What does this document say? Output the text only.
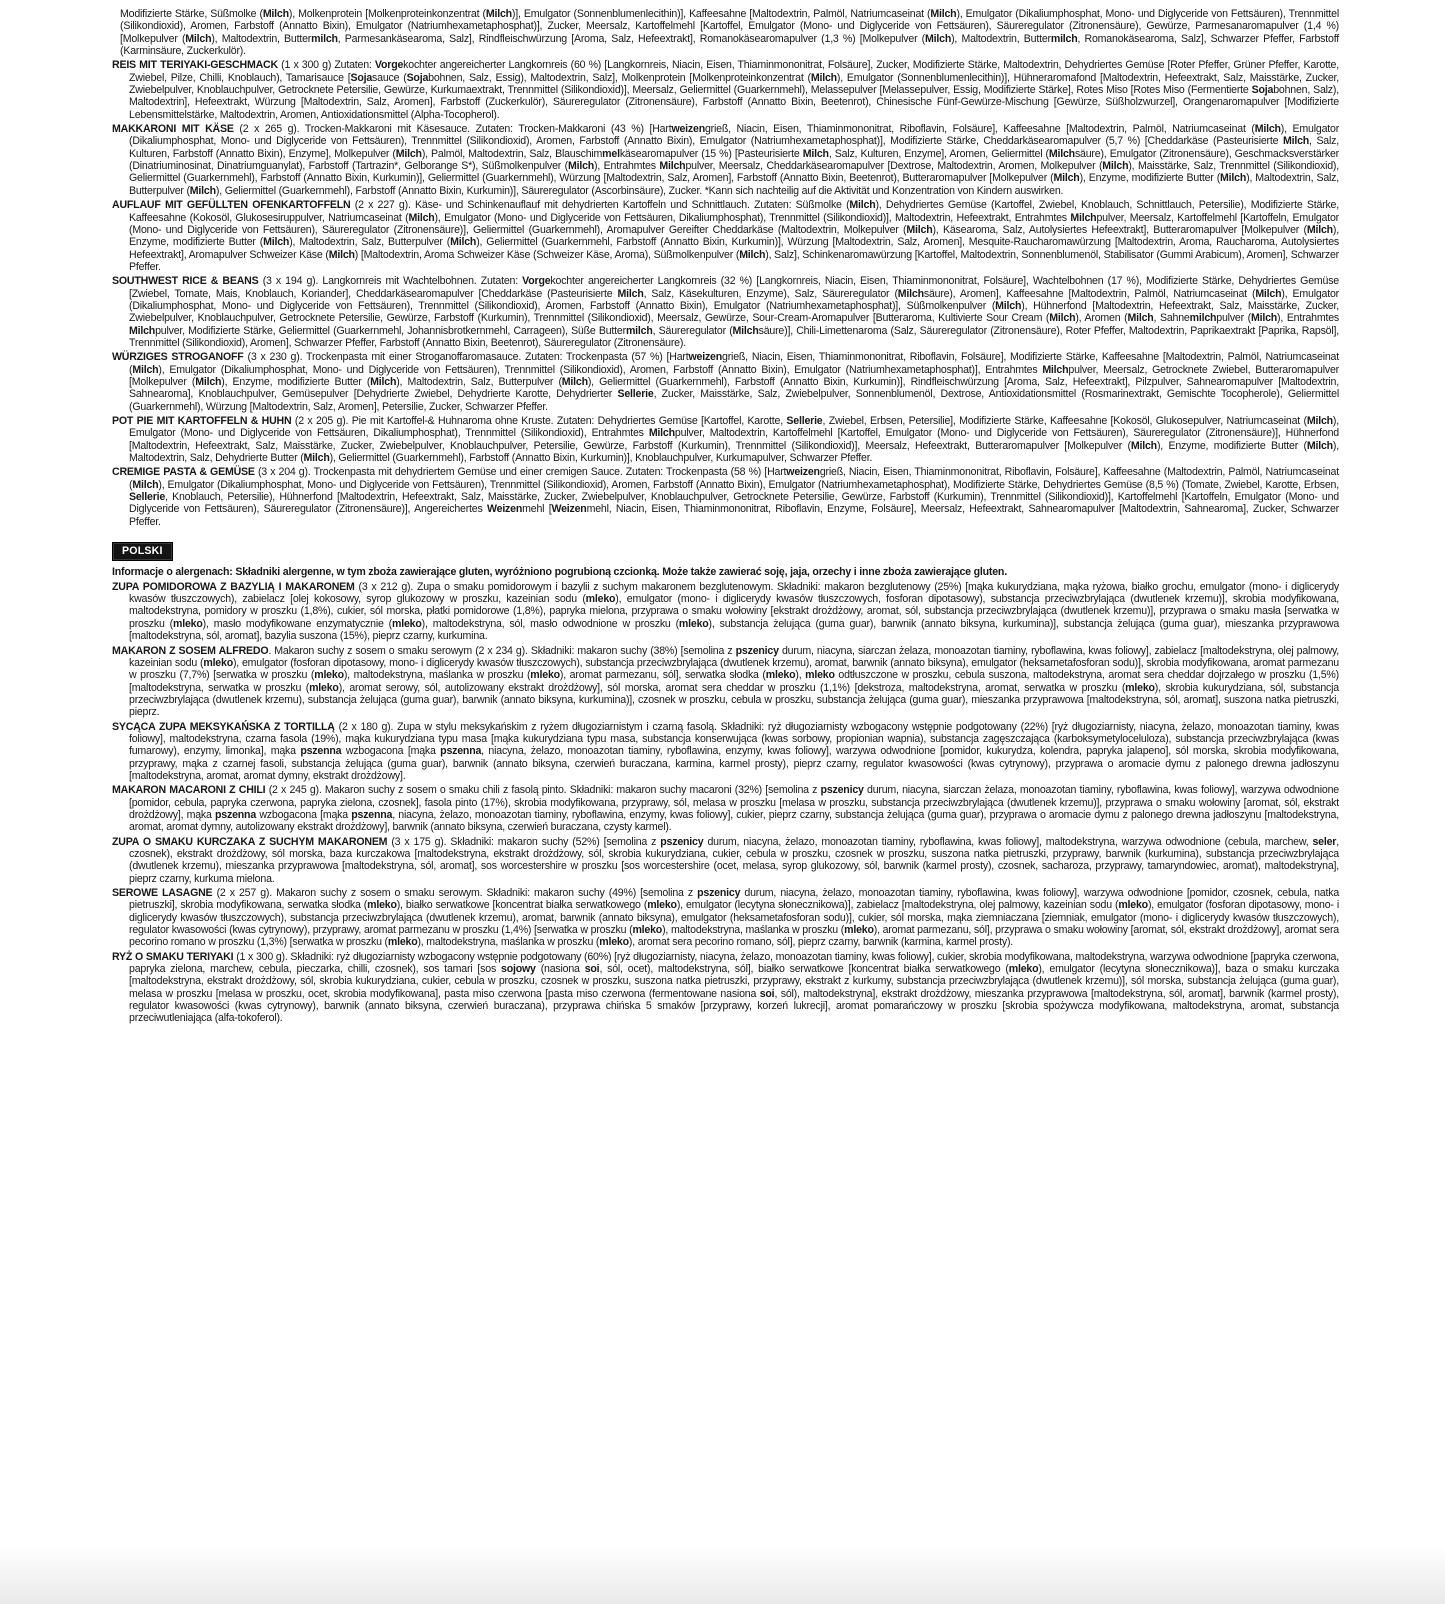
Modifizierte Stärke, Süßmolke (Milch), Molkenprotein [Molkenproteinkonzentrat (Milch)], Emulgator (Sonnenblumenlecithin)], Kaffeesahne [Maltodextrin, Palmöl, Natriumcaseinat (Milch), Emulgator (Dikaliumphosphat, Mono- und Diglyceride von Fettsäuren), Trennmittel (Silikondioxid), Aromen, Farbstoff (Annatto Bixin), Emulgator (Natriumhexametaphosphat)], Zucker, Meersalz, Kartoffelmehl [Kartoffel, Emulgator (Mono- und Diglyceride von Fettsäuren), Säureregulator (Zitronensäure), Gewürze, Parmesanaromapulver (1,4 %) [Molkepulver (Milch), Maltodextrin, Buttermilch, Parmesankäsearoma, Salz], Rindfleischwürzung [Aroma, Salz, Hefeextrakt], Romanokäsearomapulver (1,3 %) [Molkepulver (Milch), Maltodextrin, Buttermilch, Romanokäsearoma, Salz], Schwarzer Pfeffer, Farbstoff (Karminsäure, Zuckerkulör).

REIS MIT TERIYAKI-GESCHMACK (1 x 300 g) Zutaten: Vorgekochter angereicherter Langkornreis (60 %) [Langkornreis, Niacin, Eisen, Thiaminmononitrat, Folsäure], Zucker, Modifizierte Stärke, Maltodextrin, Dehydriertes Gemüse [Roter Pfeffer, Grüner Pfeffer, Karotte, Zwiebel, Pilze, Chilli, Knoblauch), Tamarisauce [Sojasauce (Sojabohnen, Salz, Essig), Maltodextrin, Salz], Molkenprotein [Molkenproteinkonzentrat (Milch), Emulgator (Sonnenblumenlecithin)], Hühneraromafond [Maltodextrin, Hefeextrakt, Salz, Maisstärke, Zucker, Zwiebelpulver, Knoblauchpulver, Getrocknete Petersilie, Gewürze, Kurkumaextrakt, Trennmittel (Silikondioxid)], Meersalz, Geliermittel (Guarkernmehl), Melassepulver [Melassepulver, Essig, Modifizierte Stärke], Rotes Miso [Rotes Miso (Fermentierte Sojabohnen, Salz), Maltodextrin], Hefeextrakt, Würzung [Maltodextrin, Salz, Aromen], Farbstoff (Zuckerkulör), Säureregulator (Zitronensäure), Farbstoff (Annatto Bixin, Beetenrot), Chinesische Fünf-Gewürze-Mischung [Gewürze, Süßholzwurzel], Orangenaromapulver [Modifizierte Lebensmittelstärke, Maltodextrin, Aromen, Antioxidationsmittel (Alpha-Tocopherol).

MAKKARONI MIT KÄSE (2 x 265 g). Trocken-Makkaroni mit Käsesauce. Zutaten: Trocken-Makkaroni (43 %) [Hartweizengrieß, Niacin, Eisen, Thiaminmononitrat, Riboflavin, Folsäure], Kaffeesahne [Maltodextrin, Palmöl, Natriumcaseinat (Milch), Emulgator (Dikaliumphosphat, Mono- und Diglyceride von Fettsäuren), Trennmittel (Silikondioxid), Aromen, Farbstoff (Annatto Bixin), Emulgator (Natriumhexametaphosphat)], Modifizierte Stärke, Cheddarkäsearomapulver (5,7 %) [Cheddarkäse (Pasteurisierte Milch, Salz, Kulturen, Farbstoff (Annatto Bixin), Enzyme], Molkepulver (Milch), Palmöl, Maltodextrin, Salz, Blauschimmelkäsearomapulver (15 %) [Pasteurisierte Milch, Salz, Kulturen, Enzyme], Aromen, Geliermittel (Milchsäure), Emulgator (Zitronensäure), Geschmacksverstärker (Dinatriuminosinat, Dinatriumguanylat), Farbstoff (Tartrazin*, Gelborange S*), Süßmolkenpulver (Milch), Entrahmtes Milchpulver, Meersalz, Cheddarkäsearomapulver [Dextrose, Maltodextrin, Aromen, Molkepulver (Milch), Maisstärke, Salz, Trennmittel (Silikondioxid), Geliermittel (Guarkernmehl), Farbstoff (Annatto Bixin, Kurkumin)], Geliermittel (Guarkernmehl), Würzung [Maltodextrin, Salz, Aromen], Farbstoff (Annatto Bixin, Beetenrot), Butteraromapulver [Molkepulver (Milch), Enzyme, modifizierte Butter (Milch), Maltodextrin, Salz, Butterpulver (Milch), Geliermittel (Guarkernmehl), Farbstoff (Annatto Bixin, Kurkumin)], Säureregulator (Ascorbinsäure), Zucker. *Kann sich nachteilig auf die Aktivität und Konzentration von Kindern auswirken.

AUFLAUF MIT GEFÜLLTEN OFENKARTOFFELN (2 x 227 g). Käse- und Schinkenauflauf mit dehydrierten Kartoffeln und Schnittlauch. Zutaten: Süßmolke (Milch), Dehydriertes Gemüse (Kartoffel, Zwiebel, Knoblauch, Schnittlauch, Petersilie), Modifizierte Stärke, Kaffeesahne (Kokosöl, Glukosesiruppulver, Natriumcaseinat (Milch), Emulgator (Mono- und Diglyceride von Fettsäuren, Dikaliumphosphat), Trennmittel (Silikondioxid)], Maltodextrin, Hefeextrakt, Entrahmtes Milchpulver, Meersalz, Kartoffelmehl [Kartoffeln, Emulgator (Mono- und Diglyceride von Fettsäuren), Säureregulator (Zitronensäure)], Geliermittel (Guarkernmehl), Aromapulver Gereifter Cheddarkäse (Maltodextrin, Molkepulver (Milch), Käsearoma, Salz, Autolysiertes Hefeextrakt], Butteraromapulver [Molkepulver (Milch), Enzyme, modifizierte Butter (Milch), Maltodextrin, Salz, Butterpulver (Milch), Geliermittel (Guarkernmehl, Farbstoff (Annatto Bixin, Kurkumin)], Würzung [Maltodextrin, Salz, Aromen], Mesquite-Raucharomawürzung [Maltodextrin, Aroma, Raucharoma, Autolysiertes Hefeextrakt], Aromapulver Schweizer Käse (Milch) [Maltodextrin, Aroma Schweizer Käse (Schweizer Käse, Aroma), Süßmolkenpulver (Milch), Salz], Schinkenaromawürzung [Kartoffel, Maltodextrin, Sonnenblumenöl, Stabilisator (Gummi Arabicum), Aromen], Schwarzer Pfeffer.

SOUTHWEST RICE & BEANS (3 x 194 g). Langkornreis mit Wachtelbohnen. Zutaten: Vorgekochter angereicherter Langkornreis (32 %) [Langkornreis, Niacin, Eisen, Thiaminmononitrat, Folsäure], Wachtelbohnen (17 %), Modifizierte Stärke, Dehydriertes Gemüse [Zwiebel, Tomate, Mais, Knoblauch, Koriander], Cheddarkäsearomapulver [Cheddarkäse (Pasteurisierte Milch, Salz, Käsekulturen, Enzyme), Salz, Säureregulator (Milchsäure), Aromen], Kaffeesahne [Maltodextrin, Palmöl, Natriumcaseinat (Milch), Emulgator (Dikaliumphosphat, Mono- und Diglyceride von Fettsäuren), Trennmittel (Silikondioxid), Aromen, Farbstoff (Annatto Bixin), Emulgator (Natriumhexametaphosphat)], Süßmolkenpulver (Milch), Hühnerfond [Maltodextrin, Hefeextrakt, Salz, Maisstärke, Zucker, Zwiebelpulver, Knoblauchpulver, Getrocknete Petersilie, Gewürze, Farbstoff (Kurkumin), Trennmittel (Silikondioxid), Meersalz, Gewürze, Sour-Cream-Aromapulver [Butteraroma, Kultivierte Sour Cream (Milch), Aromen (Milch, Sahnemilchpulver (Milch), Entrahmtes Milchpulver, Modifizierte Stärke, Geliermittel (Guarkernmehl, Johannisbrotkernmehl, Carrageen), Süße Buttermilch, Säureregulator (Milchsäure)], Chili-Limettenaroma (Salz, Säureregulator (Zitronensäure), Roter Pfeffer, Maltodextrin, Paprikaextrakt [Paprika, Rapsöl], Trennmittel (Silikondioxid), Aromen], Schwarzer Pfeffer, Farbstoff (Annatto Bixin, Beetenrot), Säureregulator (Zitronensäure).

WÜRZIGES STROGANOFF (3 x 230 g). Trockenpasta mit einer Stroganoffaromasauce. Zutaten: Trockenpasta (57 %) [Hartweizengrieß, Niacin, Eisen, Thiaminmononitrat, Riboflavin, Folsäure], Modifizierte Stärke, Kaffeesahne [Maltodextrin, Palmöl, Natriumcaseinat (Milch), Emulgator (Dikaliumphosphat, Mono- und Diglyceride von Fettsäuren), Trennmittel (Silikondioxid), Aromen, Farbstoff (Annatto Bixin), Emulgator (Natriumhexametaphosphat)], Entrahmtes Milchpulver, Meersalz, Getrocknete Zwiebel, Butteraromapulver [Molkepulver (Milch), Enzyme, modifizierte Butter (Milch), Maltodextrin, Salz, Butterpulver (Milch), Geliermittel (Guarkernmehl), Farbstoff (Annatto Bixin, Kurkumin)], Rindfleischwürzung [Aroma, Salz, Hefeextrakt], Pilzpulver, Sahnearomapulver [Maltodextrin, Sahnearoma], Knoblauchpulver, Gemüsepulver [Dehydrierte Zwiebel, Dehydrierte Karotte, Dehydrierter Sellerie, Zucker, Maisstärke, Salz, Zwiebelpulver, Sonnenblumenöl, Dextrose, Antioxidationsmittel (Rosmarinextrakt, Gemischte Tocopherole), Geliermittel (Guarkernmehl), Würzung [Maltodextrin, Salz, Aromen], Petersilie, Zucker, Schwarzer Pfeffer.

POT PIE MIT KARTOFFELN & HUHN (2 x 205 g). Pie mit Kartoffel-& Huhnaroma ohne Kruste. Zutaten: Dehydriertes Gemüse [Kartoffel, Karotte, Sellerie, Zwiebel, Erbsen, Petersilie], Modifizierte Stärke, Kaffeesahne [Kokosöl, Glukosepulver, Natriumcaseinat (Milch), Emulgator (Mono- und Diglyceride von Fettsäuren, Dikaliumphosphat), Trennmittel (Silikondioxid), Entrahmtes Milchpulver, Maltodextrin, Kartoffelmehl [Kartoffel, Emulgator (Mono- und Diglyceride von Fettsäuren), Säureregulator (Zitronensäure)], Hühnerfond [Maltodextrin, Hefeextrakt, Salz, Maisstärke, Zucker, Zwiebelpulver, Knoblauchpulver, Petersilie, Gewürze, Farbstoff (Kurkumin), Trennmittel (Silikondioxid)], Meersalz, Hefeextrakt, Butteraromapulver [Molkepulver (Milch), Enzyme, modifizierte Butter (Milch), Maltodextrin, Salz, Dehydrierte Butter (Milch), Geliermittel (Guarkernmehl), Farbstoff (Annatto Bixin, Kurkumin)], Knoblauchpulver, Kurkumapulver, Schwarzer Pfeffer.

CREMIGE PASTA & GEMÜSE (3 x 204 g). Trockenpasta mit dehydriertem Gemüse und einer cremigen Sauce. Zutaten: Trockenpasta (58 %) [Hartweizengrieß, Niacin, Eisen, Thiaminmononitrat, Riboflavin, Folsäure], Kaffeesahne (Maltodextrin, Palmöl, Natriumcaseinat (Milch), Emulgator (Dikaliumphosphat, Mono- und Diglyceride von Fettsäuren), Trennmittel (Silikondioxid), Aromen, Farbstoff (Annatto Bixin), Emulgator (Natriumhexametaphosphat), Modifizierte Stärke, Dehydriertes Gemüse (8,5 %) (Tomate, Zwiebel, Karotte, Erbsen, Sellerie, Knoblauch, Petersilie), Hühnerfond [Maltodextrin, Hefeextrakt, Salz, Maisstärke, Zucker, Zwiebelpulver, Knoblauchpulver, Getrocknete Petersilie, Gewürze, Farbstoff (Kurkumin), Trennmittel (Silikondioxid)], Kartoffelmehl [Kartoffeln, Emulgator (Mono- und Diglyceride von Fettsäuren), Säureregulator (Zitronensäure)], Angereichertes Weizenmehl [Weizenmehl, Niacin, Eisen, Thiaminmononitrat, Riboflavin, Enzyme, Folsäure], Meersalz, Hefeextrakt, Sahnearomapulver [Maltodextrin, Sahnearoma], Zucker, Schwarzer Pfeffer.

POLSKI

Informacje o alergenach: Składniki alergenne, w tym zboża zawierające gluten, wyróżniono pogrubioną czcionką. Może także zawierać soję, jaja, orzechy i inne zboża zawierające gluten.

ZUPA POMIDOROWA Z BAZYLIĄ I MAKARONEM (3 x 212 g). Zupa o smaku pomidorowym i bazylii z suchym makaronem bezglutenowym. Składniki: makaron bezglutenowy (25%) [mąka kukurydziana, mąka ryżowa, białko grochu, emulgator (mono- i diglicerydy kwasów tłuszczowych), zabielacz [olej kokosowy, syrop glukozowy w proszku, kazeinian sodu (mleko), emulgator (mono- i diglicerydy kwasów tłuszczowych, fosforan dipotasowy), substancja przeciwzbrylająca (dwutlenek krzemu)], skrobia modyfikowana, maltodekstryna, pomidory w proszku (1,8%), cukier, sól morska, płatki pomidorowe (1,8%), papryka mielona, przyprawa o smaku wołowiny [ekstrakt drożdżowy, aromat, sól, substancja przeciwzbrylająca (dwutlenek krzemu)], przyprawa o smaku masła [serwatka w proszku (mleko), masło modyfikowane enzymatycznie (mleko), maltodekstryna, sól, masło odwodnione w proszku (mleko), substancja żelująca (guma guar), barwnik (annato biksyna, kurkumina)], substancja żelująca (guma guar), mieszanka przyprawowa [maltodekstryna, sól, aromat], bazylia suszona (15%), pieprz czarny, kurkumina.

MAKARON Z SOSEM ALFREDO. Makaron suchy z sosem o smaku serowym (2 x 234 g). Składniki: makaron suchy (38%) [semolina z pszenicy durum, niacyna, siarczan żelaza, monoazotan tiaminy, ryboflawina, kwas foliowy], zabielacz [maltodekstryna, olej palmowy, kazeinian sodu (mleko), emulgator (fosforan dipotasowy, mono- i diglicerydy kwasów tłuszczowych), substancja przeciwzbrylająca (dwutlenek krzemu), aromat, barwnik (annato biksyna), emulgator (heksametafosforan sodu)], skrobia modyfikowana, aromat parmezanu w proszku (7,7%) [serwatka w proszku (mleko), maltodekstryna, maślanka w proszku (mleko), aromat parmezanu, sól], serwatka słodka (mleko), mleko odtłuszczone w proszku, cebula suszona, maltodekstryna, aromat sera cheddar dojrzałego w proszku (1,5%) [maltodekstryna, serwatka w proszku (mleko), aromat serowy, sól, autolizowany ekstrakt drożdżowy], sól morska, aromat sera cheddar w proszku (1,1%) [dekstroza, maltodekstryna, aromat, serwatka w proszku (mleko), skrobia kukurydziana, sól, substancja przeciwzbrylająca (dwutlenek krzemu), substancja żelująca (guma guar), barwnik (annato biksyna, kurkumina)], czosnek w proszku, cebula w proszku, substancja żelująca (guma guar), mieszanka przyprawowa [maltodekstryna, sól, aromat], suszona natka pietruszki, pieprz.

SYCĄCA ZUPA MEKSYKAŃSKA Z TORTILLĄ (2 x 180 g). Zupa w stylu meksykańskim z ryżem długoziarnistym i czarną fasolą. Składniki: ryż długoziarnisty wzbogacony wstępnie podgotowany (22%) [ryż długoziarnisty, niacyna, żelazo, monoazotan tiaminy, kwas foliowy], maltodekstryna, czarna fasola (19%), mąka kukurydziana typu masa [mąka kukurydziana typu masa, substancja konserwująca (kwas sorbowy, propionian wapnia), substancja zagęszczająca (karboksymetyloceluloza), substancja przeciwzbrylająca (kwas fumarowy), enzymy, limonka], mąka pszenna wzbogacona [mąka pszenna, niacyna, żelazo, monoazotan tiaminy, ryboflawina, enzymy, kwas foliowy], warzywa odwodnione [pomidor, kukurydza, kolendra, papryka jalapeno], sól morska, skrobia modyfikowana, przyprawy, mąka z czarnej fasoli, substancja żelująca (guma guar), barwnik (annato biksyna, czerwień buraczana, karmina, karmel prosty), pieprz czarny, regulator kwasowości (kwas cytrynowy), przyprawa o aromacie dymu z palonego drewna jadłoszynu [maltodekstryna, aromat, aromat dymny, ekstrakt drożdżowy].

MAKARON MACARONI Z CHILI (2 x 245 g). Makaron suchy z sosem o smaku chili z fasolą pinto. Składniki: makaron suchy macaroni (32%) [semolina z pszenicy durum, niacyna, siarczan żelaza, monoazotan tiaminy, ryboflawina, kwas foliowy], warzywa odwodnione [pomidor, cebula, papryka czerwona, papryka zielona, czosnek], fasola pinto (17%), skrobia modyfikowana, przyprawy, sól, melasa w proszku [melasa w proszku, substancja przeciwzbrylająca (dwutlenek krzemu)], przyprawa o smaku wołowiny [aromat, sól, ekstrakt drożdżowy], mąka pszenna wzbogacona [mąka pszenna, niacyna, żelazo, monoazotan tiaminy, ryboflawina, enzymy, kwas foliowy], cukier, pieprz czarny, substancja żelująca (guma guar), przyprawa o aromacie dymu z palonego drewna jadłoszynu [maltodekstryna, aromat, aromat dymny, autolizowany ekstrakt drożdżowy], barwnik (annato biksyna, czerwień buraczana, czysty karmel).

ZUPA O SMAKU KURCZAKA Z SUCHYM MAKARONEM (3 x 175 g). Składniki: makaron suchy (52%) [semolina z pszenicy durum, niacyna, żelazo, monoazotan tiaminy, ryboflawina, kwas foliowy], maltodekstryna, warzywa odwodnione (cebula, marchew, seler, czosnek), ekstrakt drożdżowy, sól morska, baza kurczakowa [maltodekstryna, ekstrakt drożdżowy, sól, skrobia kukurydziana, cukier, cebula w proszku, czosnek w proszku, suszona natka pietruszki, przyprawy, barwnik (kurkumina), substancja przeciwzbrylająca (dwutlenek krzemu), mieszanka przyprawowa [maltodekstryna, sól, aromat], sos worcestershire w proszku [sos worcestershire (ocet, melasa, syrop glukozowy, sól, barwnik (karmel prosty), czosnek, sacharoza, przyprawy, tamaryndowiec, aromat), maltodekstryna], pieprz czarny, kurkuma mielona.

SEROWE LASAGNE (2 x 257 g). Makaron suchy z sosem o smaku serowym. Składniki: makaron suchy (49%) [semolina z pszenicy durum, niacyna, żelazo, monoazotan tiaminy, ryboflawina, kwas foliowy], warzywa odwodnione [pomidor, czosnek, cebula, natka pietruszki], skrobia modyfikowana, serwatka słodka (mleko), białko serwatkowe [koncentrat białka serwatkowego (mleko), emulgator (lecytyna słonecznikowa)], zabielacz [maltodekstryna, olej palmowy, kazeinian sodu (mleko), emulgator (fosforan dipotasowy, mono- i diglicerydy kwasów tłuszczowych), substancja przeciwzbrylająca (dwutlenek krzemu), aromat, barwnik (annato biksyna), emulgator (heksametafosforan sodu)], cukier, sól morska, mąka ziemniaczana [ziemniak, emulgator (mono- i diglicerydy kwasów tłuszczowych), regulator kwasowości (kwas cytrynowy), przyprawy, aromat parmezanu w proszku (1,4%) [serwatka w proszku (mleko), maltodekstryna, maślanka w proszku (mleko), aromat parmezanu, sól], przyprawa o smaku wołowiny [aromat, sól, ekstrakt drożdżowy], aromat sera pecorino romano w proszku (1,3%) [serwatka w proszku (mleko), maltodekstryna, maślanka w proszku (mleko), aromat sera pecorino romano, sól], pieprz czarny, barwnik (karmina, karmel prosty).

RYŻ O SMAKU TERIYAKI (1 x 300 g). Składniki: ryż długoziarnisty wzbogacony wstępnie podgotowany (60%) [ryż długoziarnisty, niacyna, żelazo, monoazotan tiaminy, kwas foliowy], cukier, skrobia modyfikowana, maltodekstryna, warzywa odwodnione [papryka czerwona, papryka zielona, marchew, cebula, pieczarka, chilli, czosnek), sos tamari [sos sojowy (nasiona soi, sól, ocet), maltodekstryna, sól], białko serwatkowe [koncentrat białka serwatkowego (mleko), emulgator (lecytyna słonecznikowa)], baza o smaku kurczaka [maltodekstryna, ekstrakt drożdżowy, sól, skrobia kukurydziana, cukier, cebula w proszku, czosnek w proszku, suszona natka pietruszki, przyprawy, ekstrakt z kurkumy, substancja przeciwzbrylająca (dwutlenek krzemu)], sól morska, substancja żelująca (guma guar), melasa w proszku [melasa w proszku, ocet, skrobia modyfikowana], pasta miso czerwona [pasta miso czerwona (fermentowane nasiona soi, sól), maltodekstryna], ekstrakt drożdżowy, mieszanka przyprawowa [maltodekstryna, sól, aromat], barwnik (karmel prosty), regulator kwasowości (kwas cytrynowy), barwnik (annato biksyna, czerwień buraczana), przyprawa chińska 5 smaków [przyprawy, korzeń lukrecji], aromat pomarańczowy w proszku [skrobia spożywcza modyfikowana, maltodekstryna, aromat, substancja przeciwutleniająca (alfa-tokoferol).
